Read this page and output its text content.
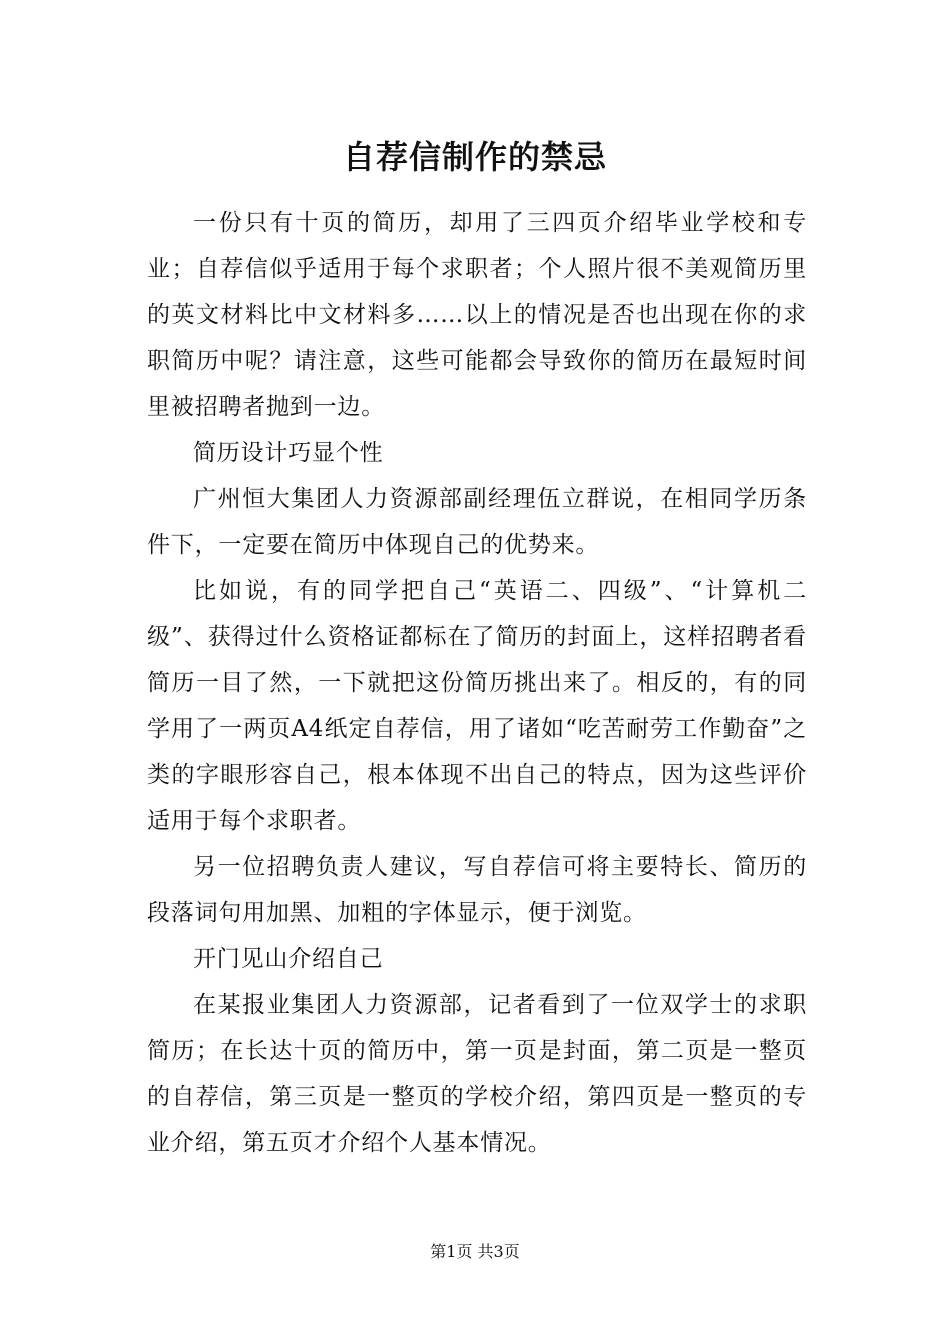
自荐信制作的禁忌

一份只有十页的简历，却用了三四页介绍毕业学校和专业；自荐信似乎适用于每个求职者；个人照片很不美观简历里的英文材料比中文材料多……以上的情况是否也出现在你的求职简历中呢？请注意，这些可能都会导致你的简历在最短时间里被招聘者抛到一边。

简历设计巧显个性

广州恒大集团人力资源部副经理伍立群说，在相同学历条件下，一定要在简历中体现自己的优势来。

比如说，有的同学把自己“英语二、四级”、“计算机二级”、获得过什么资格证都标在了简历的封面上，这样招聘者看简历一目了然，一下就把这份简历挑出来了。相反的，有的同学用了一两页A4纸定自荐信，用了诸如“吃苦耐劳工作勤奋”之类的字眼形容自己，根本体现不出自己的特点，因为这些评价适用于每个求职者。

另一位招聘负责人建议，写自荐信可将主要特长、简历的段落词句用加黑、加粗的字体显示，便于浏览。

开门见山介绍自己

在某报业集团人力资源部，记者看到了一位双学士的求职简历；在长达十页的简历中，第一页是封面，第二页是一整页的自荐信，第三页是一整页的学校介绍，第四页是一整页的专业介绍，第五页才介绍个人基本情况。

第1页 共3页
